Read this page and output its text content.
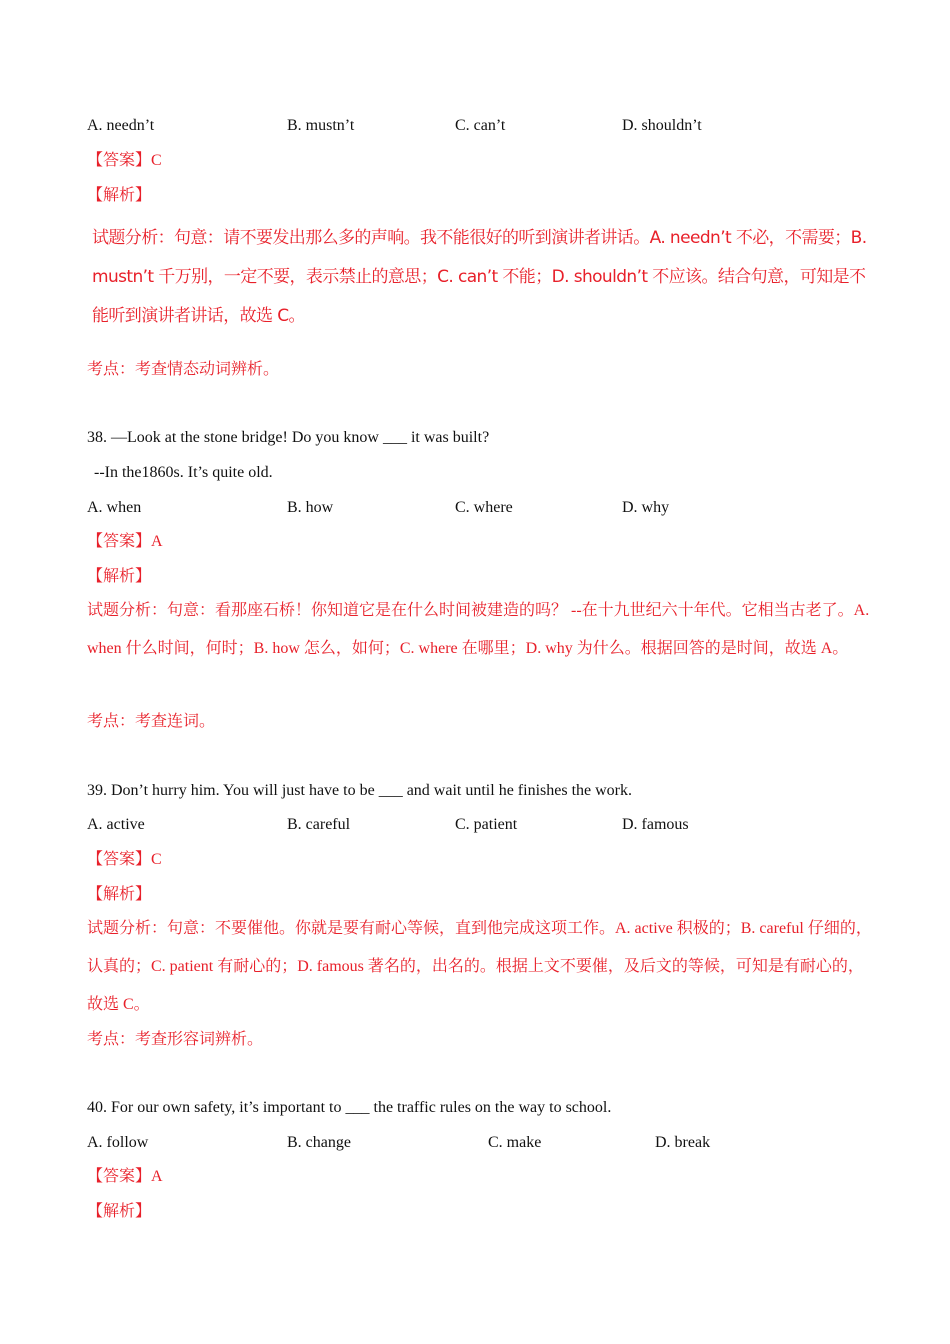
A. needn’t	B. mustn’t	C. can’t	D. shouldn’t
【答案】C
【解析】
试题分析：句意：请不要发出那么多的声响。我不能很好的听到演讲者讲话。A. needn’t 不必，不需要；B. mustn’t 千万别，一定不要，表示禁止的意思；C. can’t 不能；D. shouldn’t 不应该。结合句意，可知是不能听到演讲者讲话，故选 C。
考点：考查情态动词辨析。
38. —Look at the stone bridge! Do you know ___ it was built?
--In the1860s. It’s quite old.
A. when	B. how	C. where	D. why
【答案】A
【解析】
试题分析：句意：看那座石桥！你知道它是在什么时间被建造的吗？ --在十九世纪六十年代。它相当古老了。A. when 什么时间，何时；B. how 怎么，如何；C. where 在哪里；D. why 为什么。根据回答的是时间，故选 A。
考点：考查连词。
39. Don’t hurry him. You will just have to be ___ and wait until he finishes the work.
A. active	B. careful	C. patient	D. famous
【答案】C
【解析】
试题分析：句意：不要催他。你就是要有耐心等候，直到他完成这项工作。A. active 积极的；B. careful 仔细的，认真的；C. patient 有耐心的；D. famous 著名的，出名的。根据上文不要催，及后文的等候，可知是有耐心的，故选 C。
考点：考查形容词辨析。
40. For our own safety, it’s important to ___ the traffic rules on the way to school.
A. follow	B. change	C. make	D. break
【答案】A
【解析】
